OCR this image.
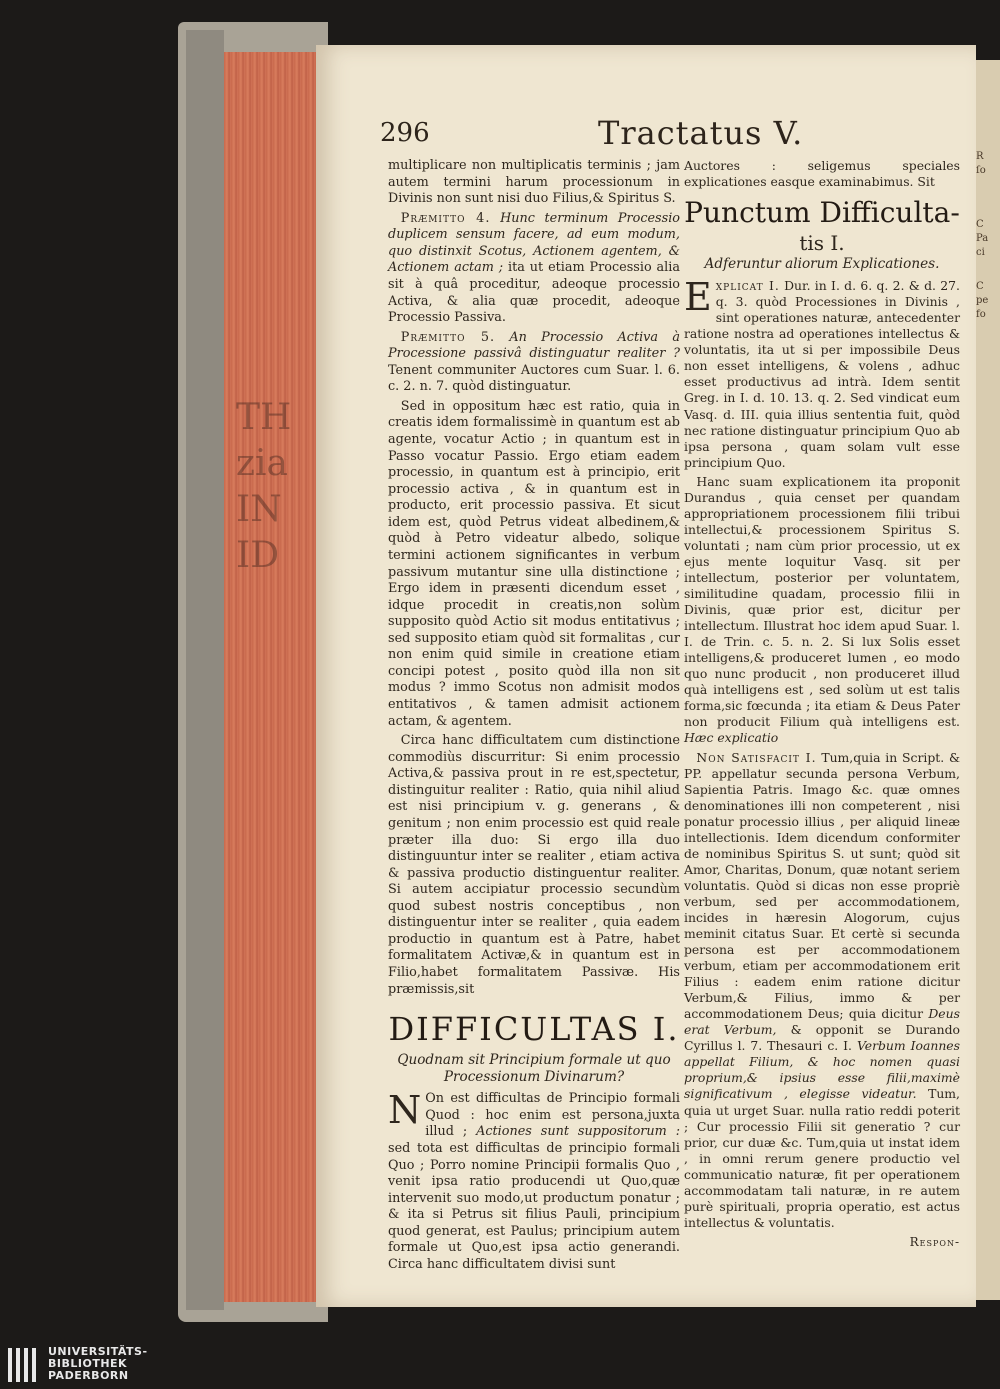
TH zia IN ID
R
ſo
C
Pa
ci
C
pe
fo
296	Tractatus V.

multiplicare non multiplicatis terminis ; jam autem termini harum processionum in Divinis non sunt nisi duo Filius,& Spiritus S.

 Præmitto 4. Hunc terminum Processio duplicem sensum facere, ad eum modum, quo distinxit Scotus, Actionem agentem, & Actionem actam ; ita ut etiam Processio alia sit à quâ proceditur, adeoque processio Activa, & alia quæ procedit, adeoque Processio Passiva.

 Præmitto 5. An Processio Activa à Processione passivâ distinguatur realiter ? Tenent communiter Auctores cum Suar. l. 6. c. 2. n. 7. quòd distinguatur.

 Sed in oppositum hæc est ratio, quia in creatis idem formalissimè in quantum est ab agente, vocatur Actio ; in quantum est in Passo vocatur Passio. Ergo etiam eadem processio, in quantum est à principio, erit processio activa , & in quantum est in producto, erit processio passiva. Et sicut idem est, quòd Petrus videat albedinem,& quòd à Petro videatur albedo, solique termini actionem significantes in verbum passivum mutantur sine ulla distinctione ; Ergo idem in præsenti dicendum esset , idque procedit in creatis,non solùm supposito quòd Actio sit modus entitativus ; sed supposito etiam quòd sit formalitas , cur non enim quid simile in creatione etiam concipi potest , posito quòd illa non sit modus ? immo Scotus non admisit modos entitativos , & tamen admisit actionem actam, & agentem.

 Circa hanc difficultatem cum distinctione commodiùs discurritur: Si enim processio Activa,& passiva prout in re est,spectetur, distinguitur realiter : Ratio, quia nihil aliud est nisi principium v. g. generans , & genitum ; non enim processio est quid reale præter illa duo: Si ergo illa duo distinguuntur inter se realiter , etiam activa & passiva productio distinguentur realiter. Si autem accipiatur processio secundùm quod subest nostris conceptibus , non distinguentur inter se realiter , quia eadem productio in quantum est à Patre, habet formalitatem Activæ,& in quantum est in Filio,habet formalitatem Passivæ. His præmissis,sit

DIFFICULTAS I.
Quodnam sit Principium formale ut quo Processionum Divinarum?

N On est difficultas de Principio formali Quod : hoc enim est persona,juxta illud ; Actiones sunt suppositorum : sed tota est difficultas de principio formali Quo ; Porro nomine Principii formalis Quo , venit ipsa ratio producendi ut Quo,quæ intervenit suo modo,ut productum ponatur ; & ita si Petrus sit filius Pauli, principium quod generat, est Paulus; principium autem formale ut Quo,est ipsa actio generandi. Circa hanc difficultatem divisi sunt

Auctores : seligemus speciales explicationes easque examinabimus. Sit

Punctum Difficulta-
tis I.
Adferuntur aliorum Explicationes.

Explicat I. Dur. in I. d. 6. q. 2. & d. 27. q. 3. quòd Processiones in Divinis , sint operationes naturæ, antecedenter ratione nostra ad operationes intellectus & voluntatis, ita ut si per impossibile Deus non esset intelligens, & volens , adhuc esset productivus ad intrà. Idem sentit Greg. in I. d. 10. 13. q. 2. Sed vindicat eum Vasq. d. III. quia illius sententia fuit, quòd nec ratione distinguatur principium Quo ab ipsa persona , quam solam vult esse principium Quo.

 Hanc suam explicationem ita proponit Durandus , quia censet per quandam appropriationem processionem filii tribui intellectui,& processionem Spiritus S. voluntati ; nam cùm prior processio, ut ex ejus mente loquitur Vasq. sit per intellectum, posterior per voluntatem, similitudine quadam, processio filii in Divinis, quæ prior est, dicitur per intellectum. Illustrat hoc idem apud Suar. l. I. de Trin. c. 5. n. 2. Si lux Solis esset intelligens,& produceret lumen , eo modo quo nunc producit , non produceret illud quà intelligens est , sed solùm ut est talis forma,sic fœcunda ; ita etiam & Deus Pater non producit Filium quà intelligens est. Hæc explicatio

 Non Satisfacit I. Tum,quia in Script. & PP. appellatur secunda persona Verbum, Sapientia Patris. Imago &c. quæ omnes denominationes illi non competerent , nisi ponatur processio illius , per aliquid lineæ intellectionis. Idem dicendum conformiter de nominibus Spiritus S. ut sunt; quòd sit Amor, Charitas, Donum, quæ notant seriem voluntatis. Quòd si dicas non esse propriè verbum, sed per accommodationem, incides in hæresin Alogorum, cujus meminit citatus Suar. Et certè si secunda persona est per accommodationem verbum, etiam per accommodationem erit Filius : eadem enim ratione dicitur Verbum,& Filius, immo & per accommodationem Deus; quia dicitur Deus erat Verbum, & opponit se Durando Cyrillus l. 7. Thesauri c. I. Verbum Ioannes appellat Filium, & hoc nomen quasi proprium,& ipsius esse filii,maximè significativum , elegisse videatur. Tum, quia ut urget Suar. nulla ratio reddi poterit ; Cur processio Filii sit generatio ? cur prior, cur duæ &c. Tum,quia ut instat idem , in omni rerum genere productio vel communicatio naturæ, fit per operationem accommodatam tali naturæ, in re autem purè spirituali, propria operatio, est actus intellectus & voluntatis.

Respon-
UNIVERSITÄTS-
BIBLIOTHEK
PADERBORN
